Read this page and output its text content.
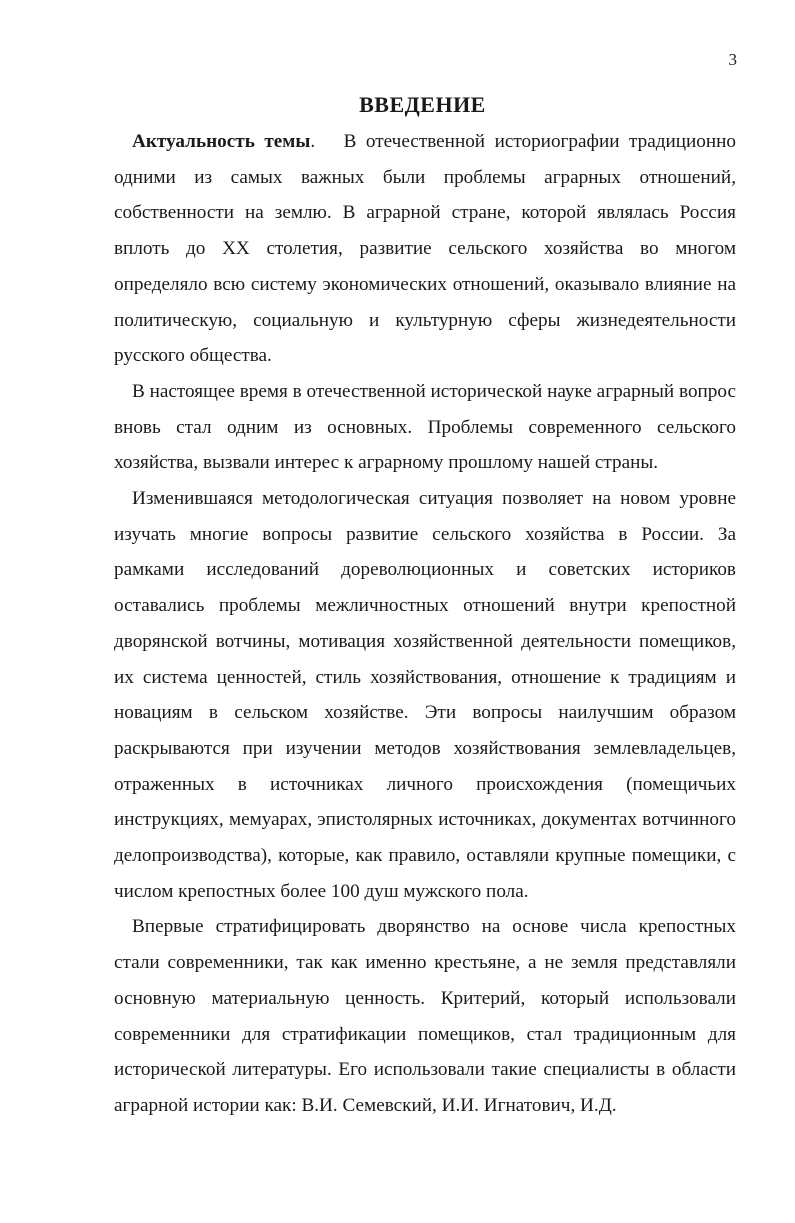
3
ВВЕДЕНИЕ

Актуальность темы. В отечественной историографии традиционно одними из самых важных были проблемы аграрных отношений, собственности на землю. В аграрной стране, которой являлась Россия вплоть до XX столетия, развитие сельского хозяйства во многом определяло всю систему экономических отношений, оказывало влияние на политическую, социальную и культурную сферы жизнедеятельности русского общества.

В настоящее время в отечественной исторической науке аграрный вопрос вновь стал одним из основных. Проблемы современного сельского хозяйства, вызвали интерес к аграрному прошлому нашей страны.

Изменившаяся методологическая ситуация позволяет на новом уровне изучать многие вопросы развитие сельского хозяйства в России. За рамками исследований дореволюционных и советских историков оставались проблемы межличностных отношений внутри крепостной дворянской вотчины, мотивация хозяйственной деятельности помещиков, их система ценностей, стиль хозяйствования, отношение к традициям и новациям в сельском хозяйстве. Эти вопросы наилучшим образом раскрываются при изучении методов хозяйствования землевладельцев, отраженных в источниках личного происхождения (помещичьих инструкциях, мемуарах, эпистолярных источниках, документах вотчинного делопроизводства), которые, как правило, оставляли крупные помещики, с числом крепостных более 100 душ мужского пола.

Впервые стратифицировать дворянство на основе числа крепостных стали современники, так как именно крестьяне, а не земля представляли основную материальную ценность. Критерий, который использовали современники для стратификации помещиков, стал традиционным для исторической литературы. Его использовали такие специалисты в области аграрной истории как: В.И. Семевский, И.И. Игнатович, И.Д.
